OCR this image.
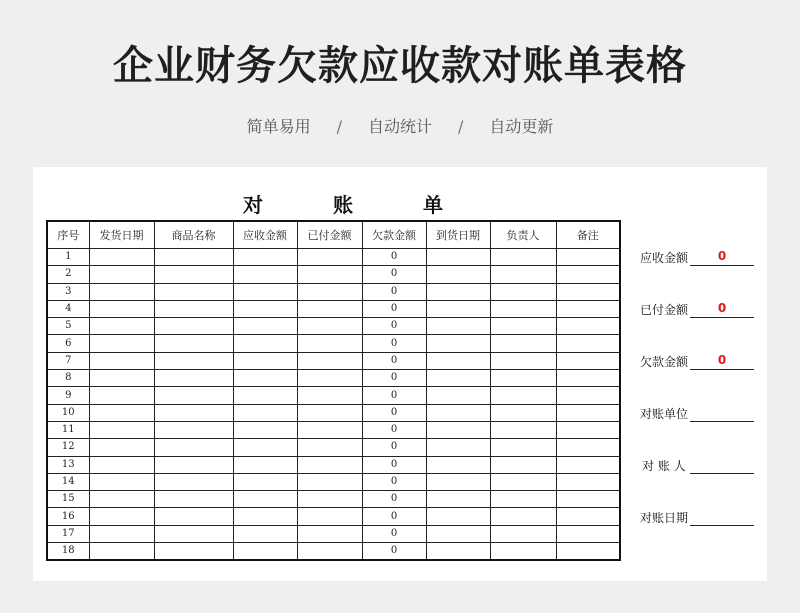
企业财务欠款应收款对账单表格
简单易用 / 自动统计 / 自动更新
对	账	单
序号	发货日期	商品名称	应收金额	已付金额	欠款金额	到货日期	负责人	备注
1					0			
2					0			
3					0			
4					0			
5					0			
6					0			
7					0			
8					0			
9					0			
10					0			
11					0			
12					0			
13					0			
14					0			
15					0			
16					0			
17					0			
18					0			
应收金额	0
已付金额	0
欠款金额	0
对账单位
对 账 人
对账日期
